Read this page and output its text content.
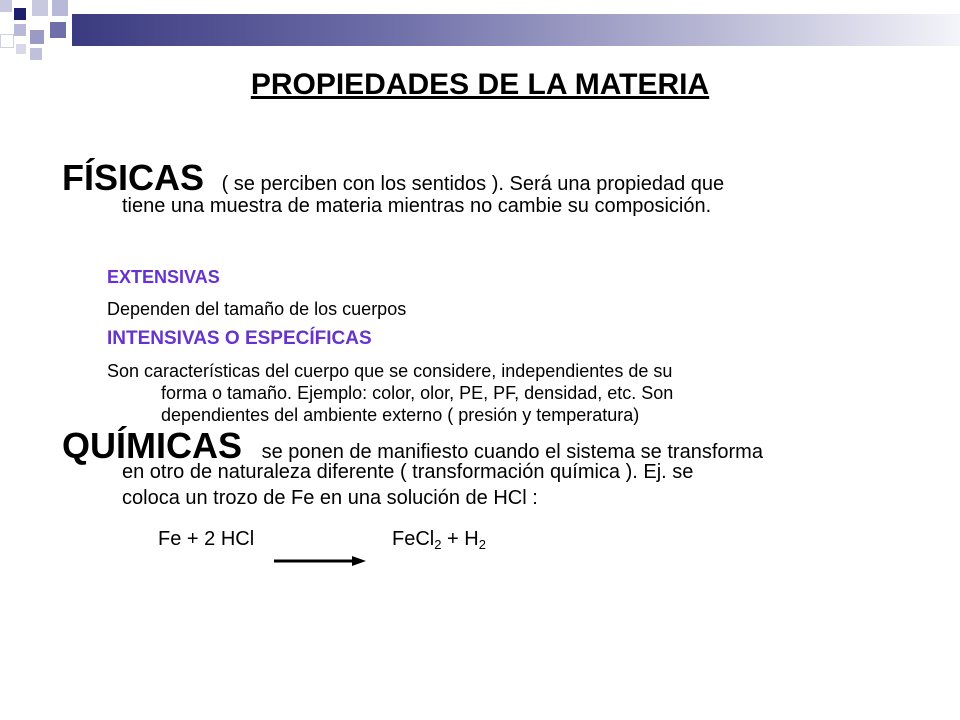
PROPIEDADES DE LA MATERIA
FÍSICAS ( se perciben con los sentidos ). Será una propiedad que
tiene una muestra de materia mientras no cambie su composición.
EXTENSIVAS
Dependen del tamaño de los cuerpos
INTENSIVAS O ESPECÍFICAS
Son características del cuerpo que se considere, independientes de su
forma o tamaño. Ejemplo: color, olor, PE, PF, densidad, etc. Son
dependientes del ambiente externo ( presión y temperatura)
QUÍMICAS se ponen de manifiesto cuando el sistema se transforma
en otro de naturaleza diferente ( transformación química ). Ej. se
coloca un trozo de Fe en una solución de HCl :
Fe + 2 HCl	FeCl$_2$ + $H_2$
